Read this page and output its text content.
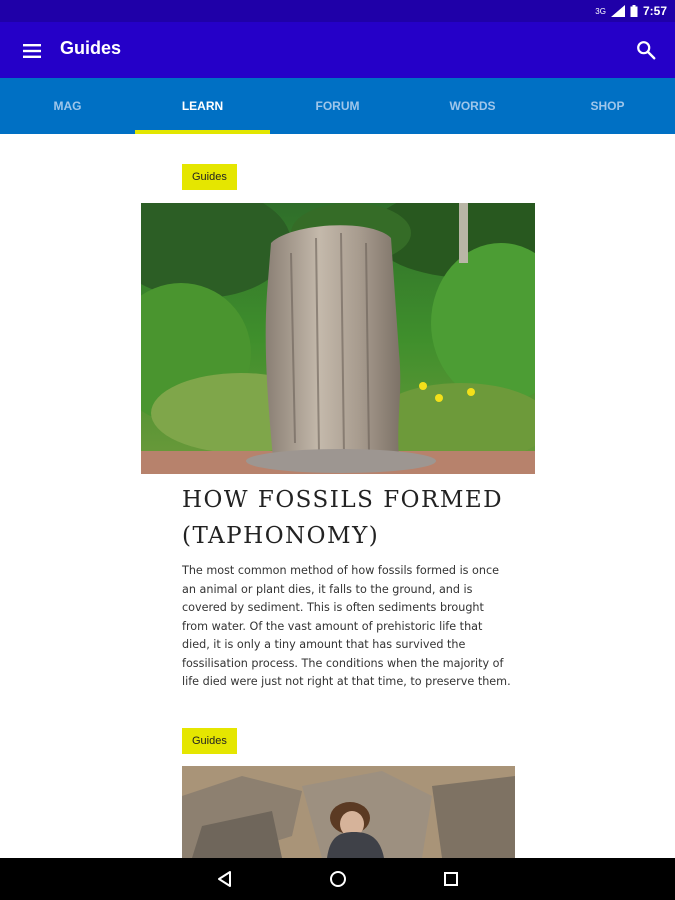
3G	7:57
Guides
MAG	LEARN	FORUM	WORDS	SHOP
Guides
HOW FOSSILS FORMED
(TAPHONOMY)
The most common method of how fossils formed is once
an animal or plant dies, it falls to the ground, and is
covered by sediment. This is often sediments brought
from water. Of the vast amount of prehistoric life that
died, it is only a tiny amount that has survived the
fossilisation process. The conditions when the majority of
life died were just not right at that time, to preserve them.
Guides
